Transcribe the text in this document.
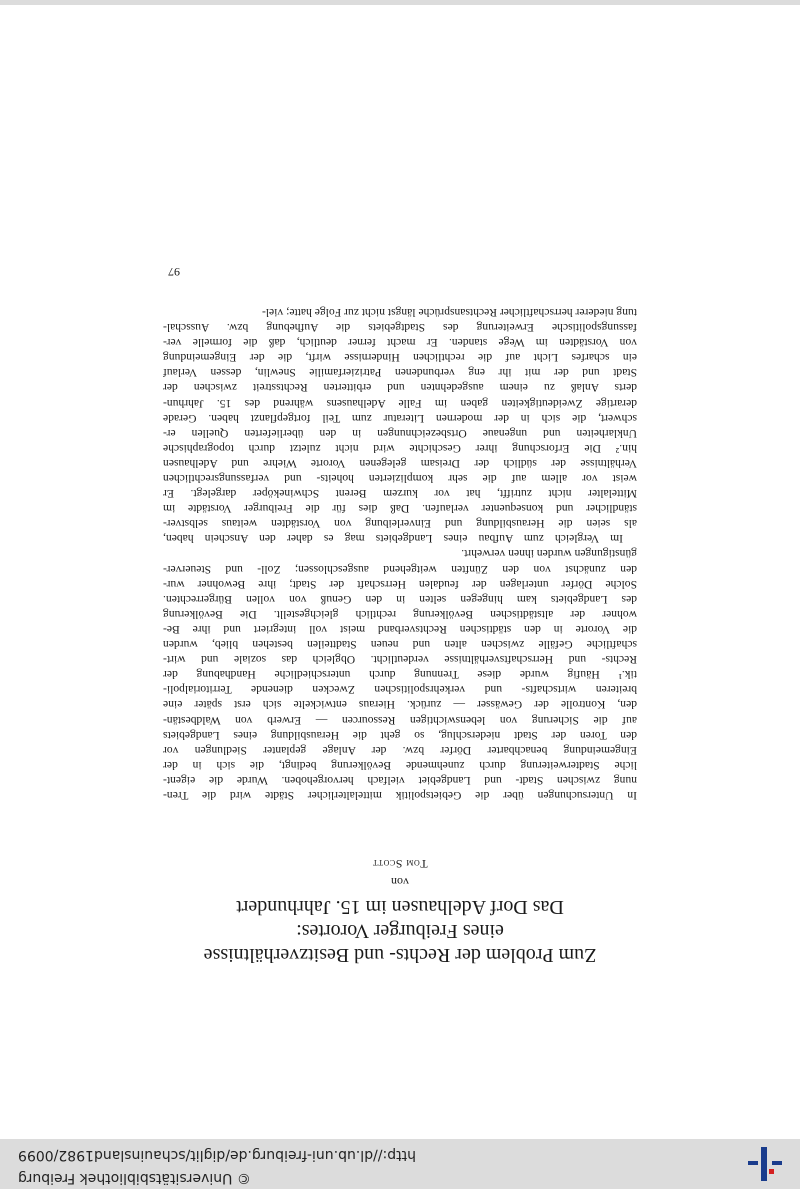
© Universitätsbibliothek Freiburg
http://dl.ub.uni-freiburg.de/diglit/schauinsland1982/0099
Zum Problem der Rechts- und Besitzverhältnisse
eines Freiburger Vorortes:
Das Dorf Adelhausen im 15. Jahrhundert
von
Tom Scott
In Untersuchungen über die Gebietspolitik mittelalterlicher Städte wird die Tren-
nung zwischen Stadt- und Landgebiet vielfach hervorgehoben. Wurde die eigent-
liche Stadterweiterung durch zunehmende Bevölkerung bedingt, die sich in der
Eingemeindung benachbarter Dörfer bzw. der Anlage geplanter Siedlungen vor
den Toren der Stadt niederschlug, so geht die Herausbildung eines Landgebiets
auf die Sicherung von lebenswichtigen Ressourcen — Erwerb von Waldbestän-
den, Kontrolle der Gewässer — zurück. Hieraus entwickelte sich erst später eine
breiteren wirtschafts- und verkehrspolitischen Zwecken dienende Territorialpoli-
tik.¹ Häufig wurde diese Trennung durch unterschiedliche Handhabung der
Rechts- und Herrschaftsverhältnisse verdeutlicht. Obgleich das soziale und wirt-
schaftliche Gefälle zwischen alten und neuen Stadtteilen bestehen blieb, wurden
die Vororte in den städtischen Rechtsverband meist voll integriert und ihre Be-
wohner der altstädtischen Bevölkerung rechtlich gleichgestellt. Die Bevölkerung
des Landgebiets kam hingegen selten in den Genuß von vollen Bürgerrechten.
Solche Dörfer unterlagen der feudalen Herrschaft der Stadt; ihre Bewohner wur-
den zunächst von den Zünften weitgehend ausgeschlossen; Zoll- und Steuerver-
günstigungen wurden ihnen verwehrt.
Im Vergleich zum Aufbau eines Landgebiets mag es daher den Anschein haben,
als seien die Herausbildung und Einverleibung von Vorstädten weitaus selbstver-
ständlicher und konsequenter verlaufen. Daß dies für die Freiburger Vorstädte im
Mittelalter nicht zutrifft, hat vor kurzem Berent Schwineköper dargelegt. Er
weist vor allem auf die sehr komplizierten hoheits- und verfassungsrechtlichen
Verhältnisse der südlich der Dreisam gelegenen Vororte Wiehre und Adelhausen
hin.² Die Erforschung ihrer Geschichte wird nicht zuletzt durch topographische
Unklarheiten und ungenaue Ortsbezeichnungen in den überlieferten Quellen er-
schwert, die sich in der modernen Literatur zum Teil fortgepflanzt haben. Gerade
derartige Zweideutigkeiten gaben im Falle Adelhausens während des 15. Jahrhun-
derts Anlaß zu einem ausgedehnten und erbitterten Rechtsstreit zwischen der
Stadt und der mit ihr eng verbundenen Patrizierfamilie Snewlin, dessen Verlauf
ein scharfes Licht auf die rechtlichen Hindernisse wirft, die der Eingemeindung
von Vorstädten im Wege standen. Er macht ferner deutlich, daß die formelle ver-
fassungspolitische Erweiterung des Stadtgebiets die Aufhebung bzw. Ausschal-
tung niederer herrschaftlicher Rechtsansprüche längst nicht zur Folge hatte; viel-
97
